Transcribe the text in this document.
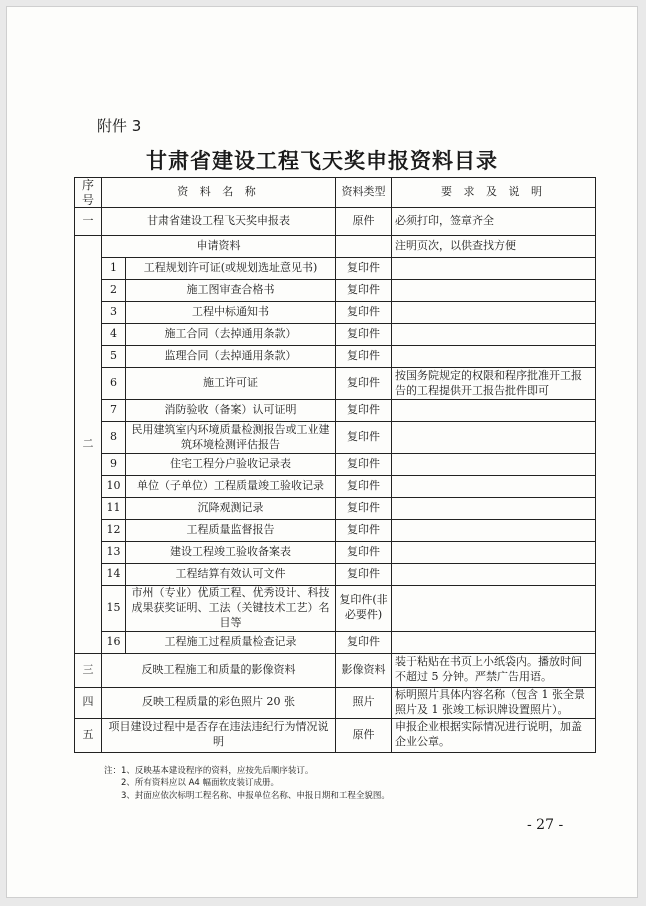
附件 3
甘肃省建设工程飞天奖申报资料目录
序号	资 料 名 称		资料类型	要 求 及 说 明
一	甘肃省建设工程飞天奖申报表		原件	必须打印，签章齐全
二	申请资料			注明页次，以供查找方便
	1	工程规划许可证(或规划选址意见书)	复印件	
	2	施工图审查合格书	复印件	
	3	工程中标通知书	复印件	
	4	施工合同（去掉通用条款）	复印件	
	5	监理合同（去掉通用条款）	复印件	
	6	施工许可证	复印件	按国务院规定的权限和程序批准开工报告的工程提供开工报告批件即可
	7	消防验收（备案）认可证明	复印件	
	8	民用建筑室内环境质量检测报告或工业建筑环境检测评估报告	复印件	
	9	住宅工程分户验收记录表	复印件	
	10	单位（子单位）工程质量竣工验收记录	复印件	
	11	沉降观测记录	复印件	
	12	工程质量监督报告	复印件	
	13	建设工程竣工验收备案表	复印件	
	14	工程结算有效认可文件	复印件	
	15	市州（专业）优质工程、优秀设计、科技成果获奖证明、工法（关键技术工艺）名目等	复印件(非必要件)	
	16	工程施工过程质量检查记录	复印件	
三	反映工程施工和质量的影像资料		影像资料	装于粘贴在书页上小纸袋内。播放时间不超过 5 分钟。严禁广告用语。
四	反映工程质量的彩色照片 20 张		照片	标明照片具体内容名称（包含 1 张全景照片及 1 张竣工标识牌设置照片）。
五	项目建设过程中是否存在违法违纪行为情况说明		原件	申报企业根据实际情况进行说明，加盖企业公章。
注：1、反映基本建设程序的资料，应按先后顺序装订。
　　2、所有资料应以 A4 幅面软皮装订成册。
　　3、封面应依次标明工程名称、申报单位名称、申报日期和工程全貌图。
- 27 -
